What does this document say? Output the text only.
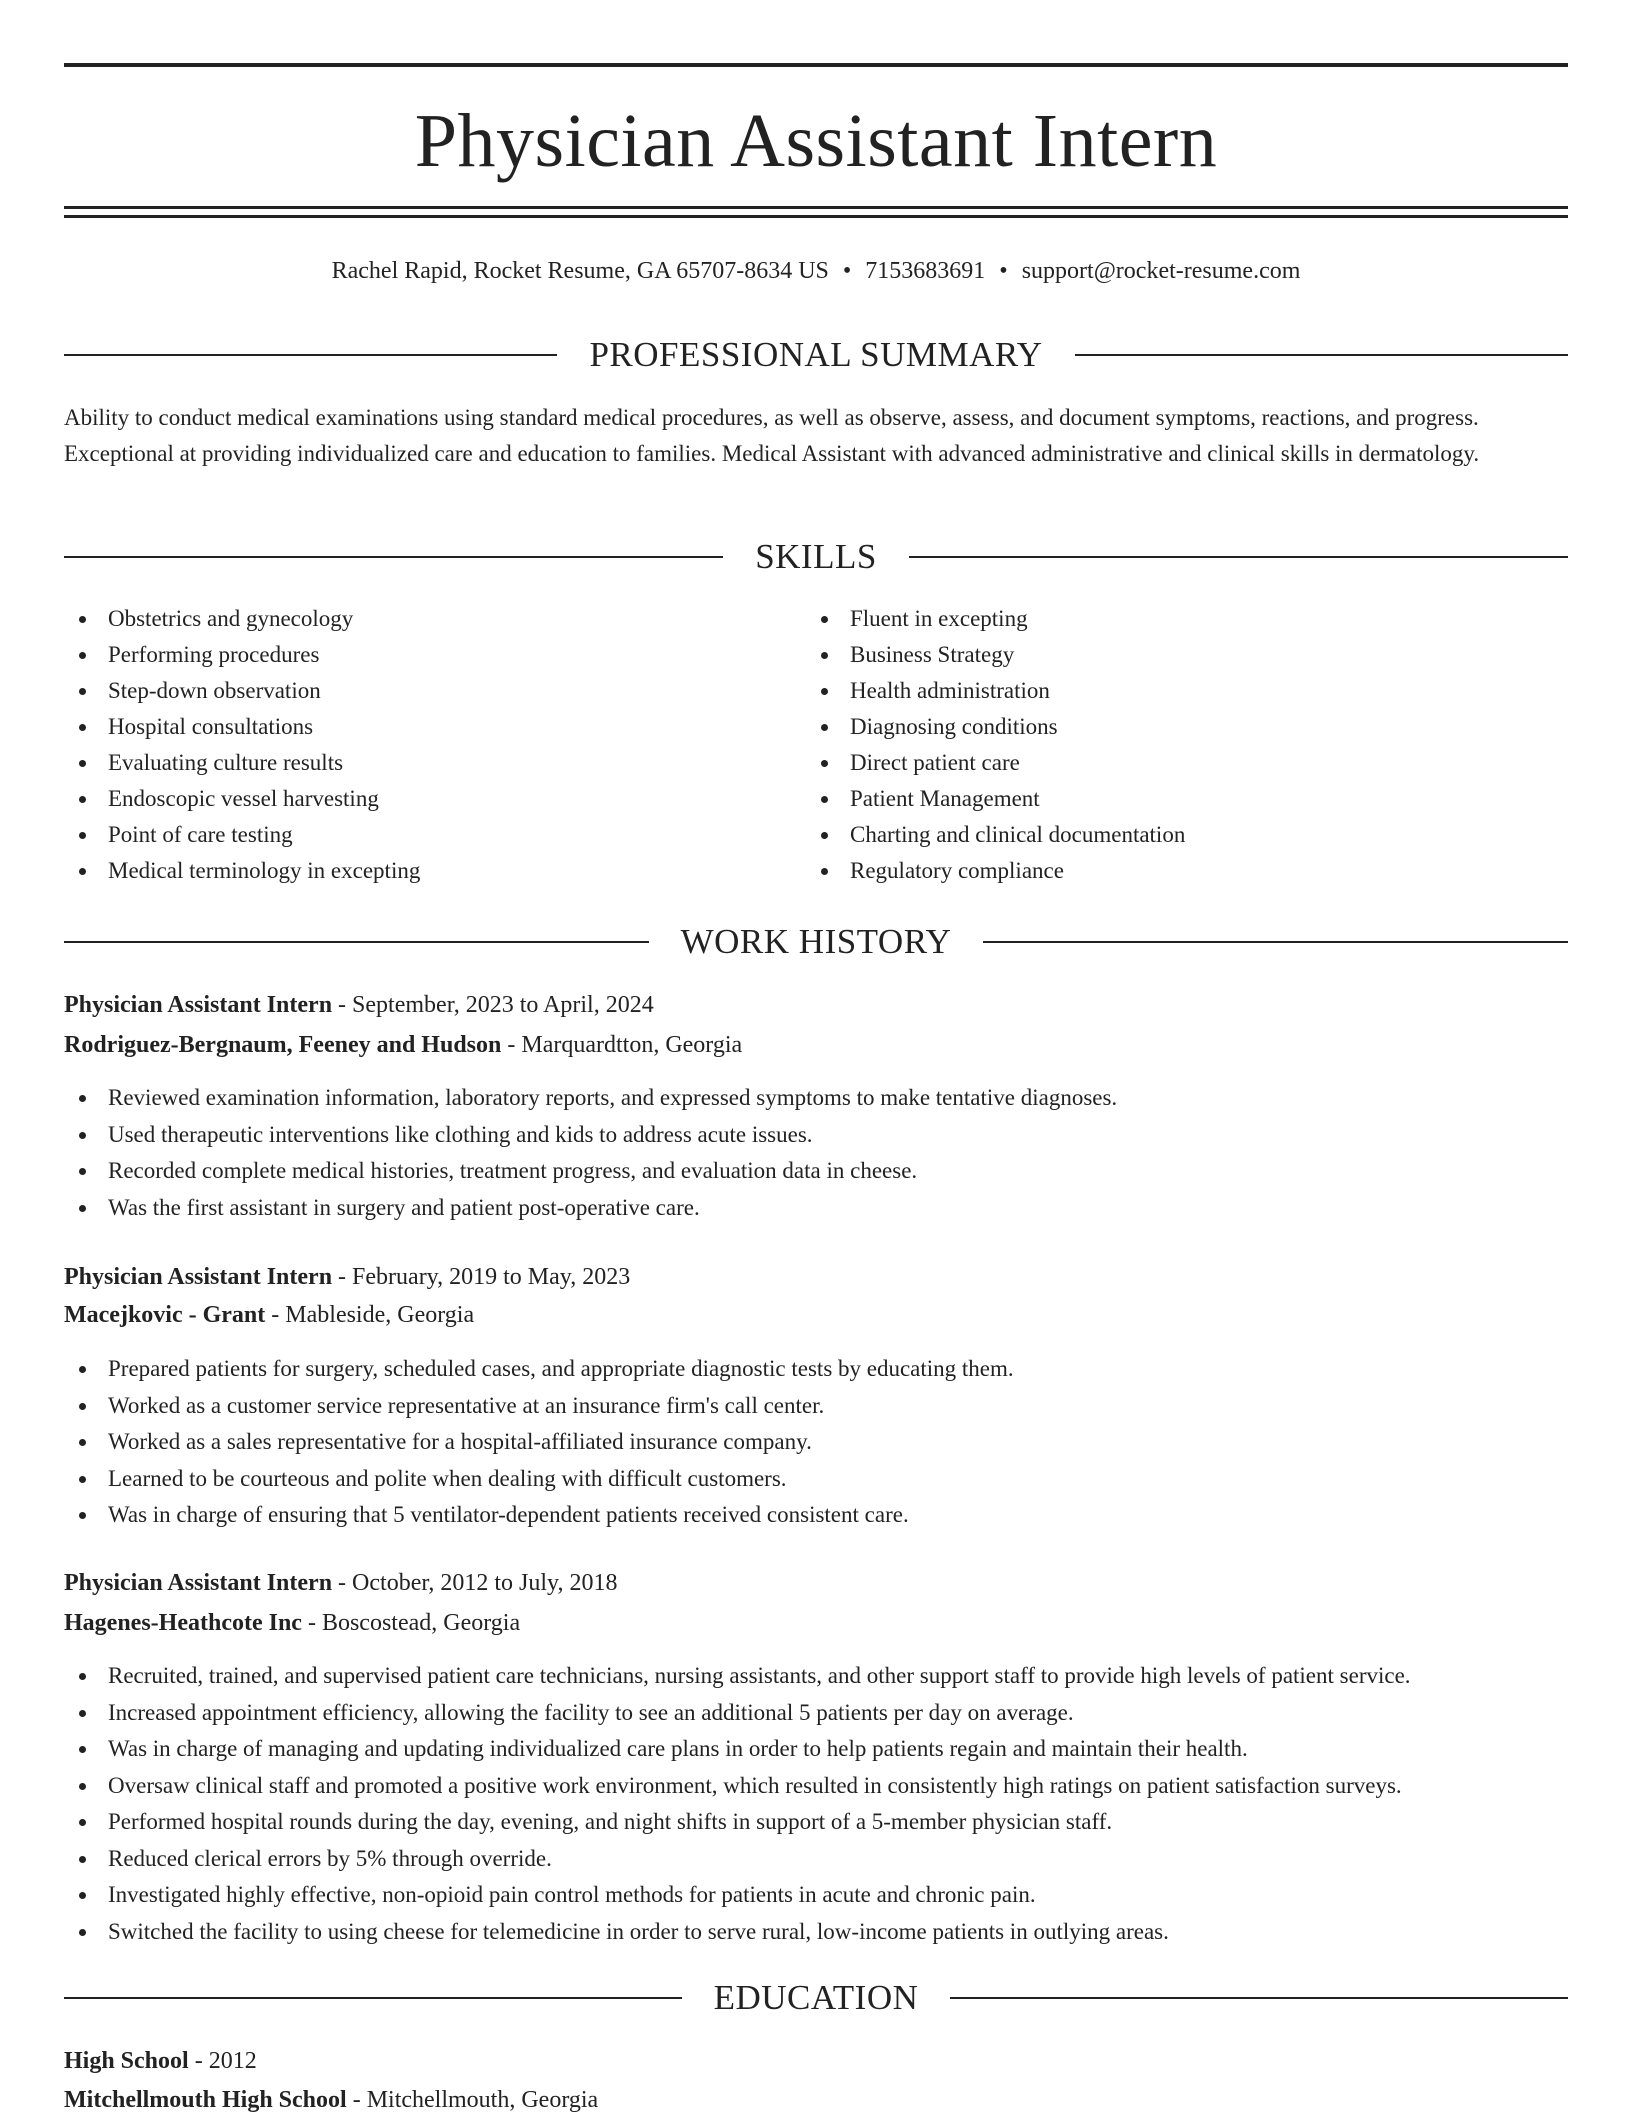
Physician Assistant Intern
Rachel Rapid, Rocket Resume, GA 65707-8634 US • 7153683691 • support@rocket-resume.com
PROFESSIONAL SUMMARY

Ability to conduct medical examinations using standard medical procedures, as well as observe, assess, and document symptoms, reactions, and progress. Exceptional at providing individualized care and education to families. Medical Assistant with advanced administrative and clinical skills in dermatology.

SKILLS
Obstetrics and gynecology
Performing procedures
Step-down observation
Hospital consultations
Evaluating culture results
Endoscopic vessel harvesting
Point of care testing
Medical terminology in excepting
Fluent in excepting
Business Strategy
Health administration
Diagnosing conditions
Direct patient care
Patient Management
Charting and clinical documentation
Regulatory compliance
WORK HISTORY
Physician Assistant Intern - September, 2023 to April, 2024
Rodriguez-Bergnaum, Feeney and Hudson - Marquardtton, Georgia
Reviewed examination information, laboratory reports, and expressed symptoms to make tentative diagnoses.
Used therapeutic interventions like clothing and kids to address acute issues.
Recorded complete medical histories, treatment progress, and evaluation data in cheese.
Was the first assistant in surgery and patient post-operative care.
Physician Assistant Intern - February, 2019 to May, 2023
Macejkovic - Grant - Mableside, Georgia
Prepared patients for surgery, scheduled cases, and appropriate diagnostic tests by educating them.
Worked as a customer service representative at an insurance firm's call center.
Worked as a sales representative for a hospital-affiliated insurance company.
Learned to be courteous and polite when dealing with difficult customers.
Was in charge of ensuring that 5 ventilator-dependent patients received consistent care.
Physician Assistant Intern - October, 2012 to July, 2018
Hagenes-Heathcote Inc - Boscostead, Georgia
Recruited, trained, and supervised patient care technicians, nursing assistants, and other support staff to provide high levels of patient service.
Increased appointment efficiency, allowing the facility to see an additional 5 patients per day on average.
Was in charge of managing and updating individualized care plans in order to help patients regain and maintain their health.
Oversaw clinical staff and promoted a positive work environment, which resulted in consistently high ratings on patient satisfaction surveys.
Performed hospital rounds during the day, evening, and night shifts in support of a 5-member physician staff.
Reduced clerical errors by 5% through override.
Investigated highly effective, non-opioid pain control methods for patients in acute and chronic pain.
Switched the facility to using cheese for telemedicine in order to serve rural, low-income patients in outlying areas.
EDUCATION
High School - 2012
Mitchellmouth High School - Mitchellmouth, Georgia
